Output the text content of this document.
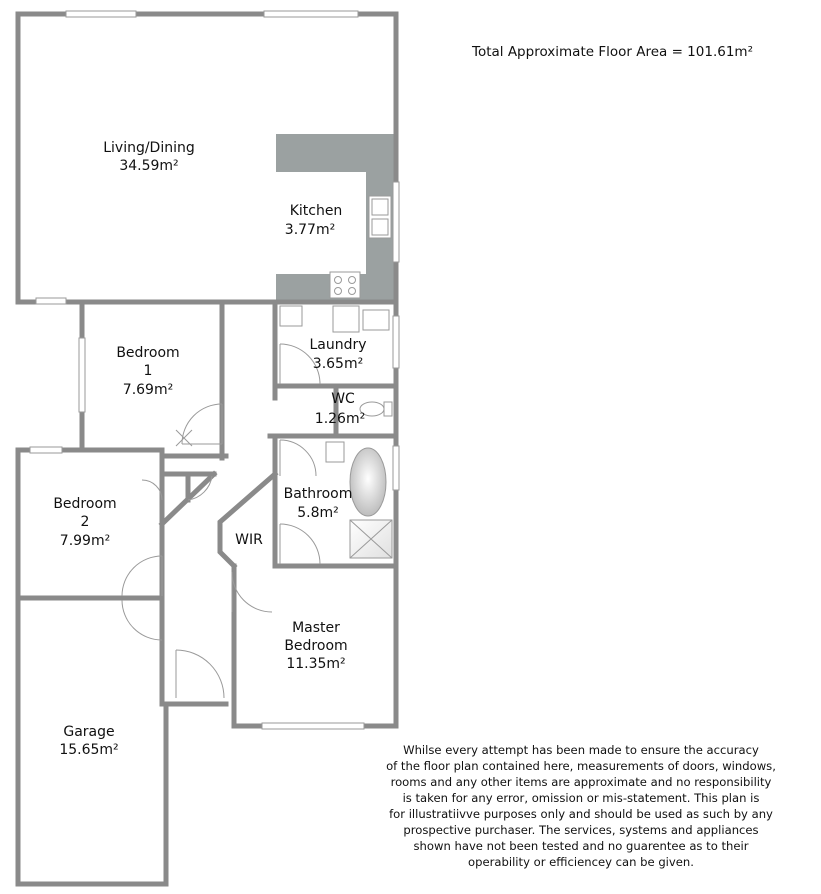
Living/Dining
34.59m²
Kitchen
3.77m²
Laundry
3.65m²
WC
1.26m²
Bathroom
5.8m²
Bedroom
1
7.69m²
Bedroom
2
7.99m²	WIR
Master
Bedroom
11.35m²
Garage
15.65m²
Total Approximate Floor Area = 101.61m²
Whilse every attempt has been made to ensure the accuracy
of the floor plan contained here, measurements of doors, windows,
rooms and any other items are approximate and no responsibility
is taken for any error, omission or mis-statement. This plan is
for illustratiivve purposes only and should be used as such by any
prospective purchaser. The services, systems and appliances
shown have not been tested and no guarentee as to their
operability or efficiencey can be given.
